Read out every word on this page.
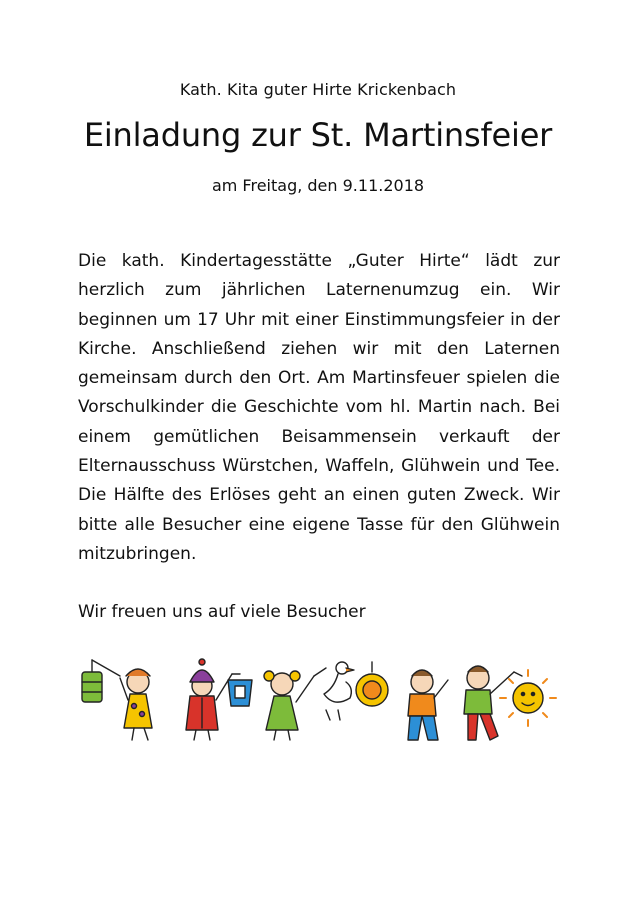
Kath. Kita guter Hirte Krickenbach
Einladung zur St. Martinsfeier
am Freitag, den 9.11.2018
Die kath. Kindertagesstätte „Guter Hirte“ lädt zur herzlich zum jährlichen Laternenumzug ein. Wir beginnen um 17 Uhr mit einer Einstimmungsfeier in der Kirche. Anschließend ziehen wir mit den Laternen gemeinsam durch den Ort. Am Martinsfeuer spielen die Vorschulkinder die Geschichte vom hl. Martin nach. Bei einem gemütlichen Beisammensein verkauft der Elternausschuss Würstchen, Waffeln, Glühwein und Tee. Die Hälfte des Erlöses geht an einen guten Zweck. Wir bitte alle Besucher eine eigene Tasse für den Glühwein mitzubringen.
Wir freuen uns auf viele Besucher
